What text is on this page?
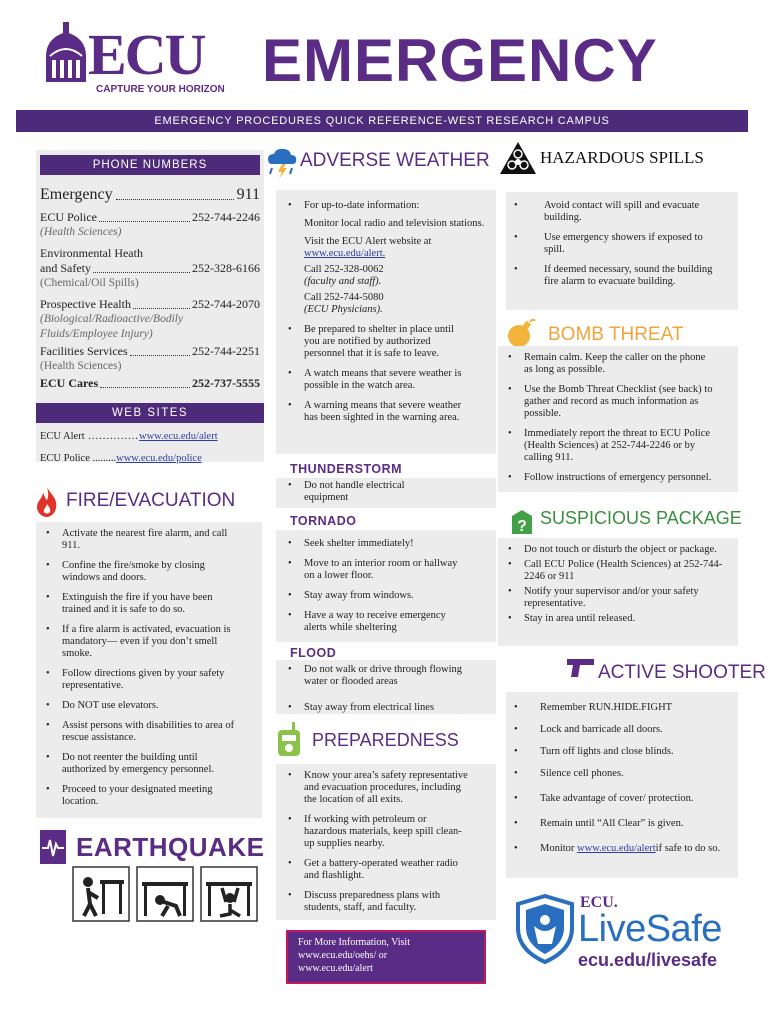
ECU
CAPTURE YOUR HORIZON EMERGENCY
EMERGENCY PROCEDURES QUICK REFERENCE-WEST RESEARCH CAMPUS
PHONE NUMBERS
Emergency	911
ECU Police	252-744-2246
(Health Sciences)
Environmental Heath
and Safety	252-328-6166
(Chemical/Oil Spills)
Prospective Health	252-744-2070
(Biological/Radioactive/Bodily
Fluids/Employee Injury)
Facilities Services	252-744-2251
(Health Sciences)
ECU Cares	252-737-5555
WEB SITES
ECU Alert ..............www.ecu.edu/alert
ECU Police .........www.ecu.edu/police
FIRE/EVACUATION
• Activate the nearest fire alarm, and call 911.
• Confine the fire/smoke by closing windows and doors.
• Extinguish the fire if you have been trained and it is safe to do so.
• If a fire alarm is activated, evacuation is mandatory— even if you don’t smell smoke.
• Follow directions given by your safety representative.
• Do NOT use elevators.
• Assist persons with disabilities to area of rescue assistance.
• Do not reenter the building until authorized by emergency personnel.
• Proceed to your designated meeting location.
EARTHQUAKE
ADVERSE WEATHER
• For up-to-date information:
Monitor local radio and television stations.
Visit the ECU Alert website at
www.ecu.edu/alert.
Call 252-328-0062
(faculty and staff).
Call 252-744-5080
(ECU Physicians).
• Be prepared to shelter in place until you are notified by authorized personnel that it is safe to leave.
• A watch means that severe weather is possible in the watch area.
• A warning means that severe weather has been sighted in the warning area.
THUNDERSTORM
• Do not handle electrical equipment
TORNADO
• Seek shelter immediately!
• Move to an interior room or hallway on a lower floor.
• Stay away from windows.
• Have a way to receive emergency alerts while sheltering
FLOOD
• Do not walk or drive through flowing water or flooded areas
• Stay away from electrical lines
PREPAREDNESS
• Know your area’s safety representative and evacuation procedures, including the location of all exits.
• If working with petroleum or hazardous materials, keep spill clean-up supplies nearby.
• Get a battery-operated weather radio and flashlight.
• Discuss preparedness plans with students, staff, and faculty.
For More Information, Visit
www.ecu.edu/oehs/ or
www.ecu.edu/alert
HAZARDOUS SPILLS
• Avoid contact will spill and evacuate building.
• Use emergency showers if exposed to spill.
• If deemed necessary, sound the building fire alarm to evacuate building.
BOMB THREAT
• Remain calm. Keep the caller on the phone as long as possible.
• Use the Bomb Threat Checklist (see back) to gather and record as much information as possible.
• Immediately report the threat to ECU Police (Health Sciences) at 252-744-2246 or by calling 911.
• Follow instructions of emergency personnel.
? SUSPICIOUS PACKAGE
• Do not touch or disturb the object or package.
• Call ECU Police (Health Sciences) at 252-744-2246 or 911
• Notify your supervisor and/or your safety representative.
• Stay in area until released.
ACTIVE SHOOTER
• Remember RUN.HIDE.FIGHT
• Lock and barricade all doors.
• Turn off lights and close blinds.
• Silence cell phones.
• Take advantage of cover/ protection.
• Remain until “All Clear” is given.
• Monitor www.ecu.edu/alertif safe to do so.
ECU.
LiveSafe
ecu.edu/livesafe
